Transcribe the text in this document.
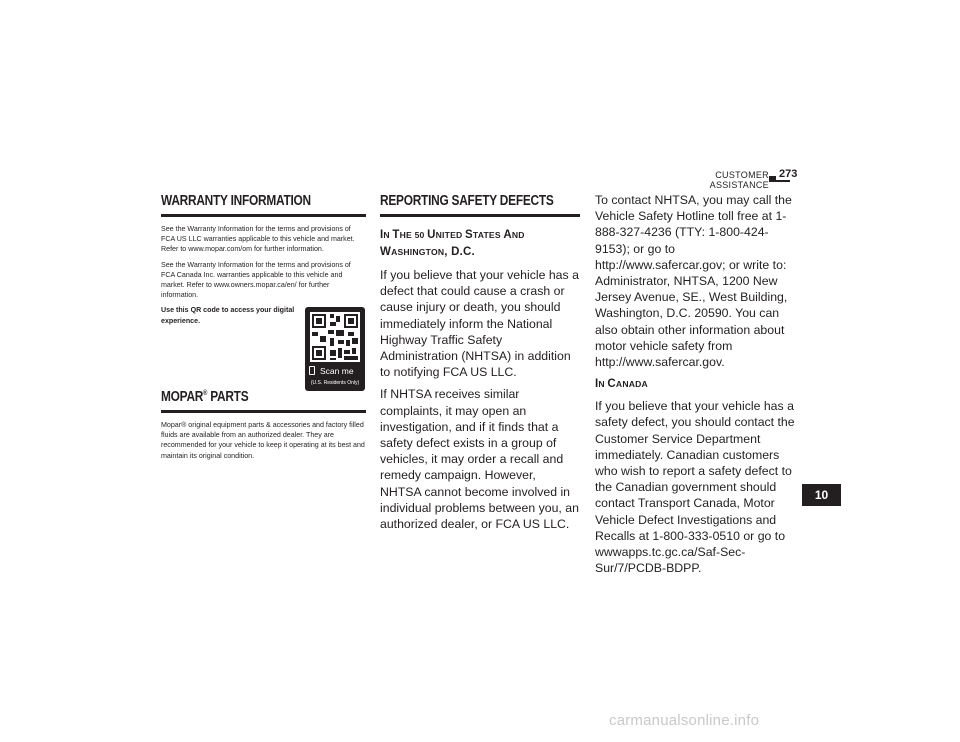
CUSTOMER ASSISTANCE
273
WARRANTY INFORMATION

See the Warranty Information for the terms and provisions of FCA US LLC warranties applicable to this vehicle and market. Refer to www.mopar.com/om for further information.

See the Warranty Information for the terms and provisions of FCA Canada Inc. warranties applicable to this vehicle and market. Refer to www.owners.mopar.ca/en/ for further information.

Use this QR code to access your digital experience.

Scan me
(U.S. Residents Only)
MOPAR® PARTS

Mopar® original equipment parts & accessories and factory filled fluids are available from an authorized dealer. They are recommended for your vehicle to keep it operating at its best and maintain its original condition.

REPORTING SAFETY DEFECTS
IN THE 50 UNITED STATES AND
WASHINGTON, D.C.

If you believe that your vehicle has a defect that could cause a crash or cause injury or death, you should immediately inform the National Highway Traffic Safety Administration (NHTSA) in addition to notifying FCA US LLC.

If NHTSA receives similar complaints, it may open an investigation, and if it finds that a safety defect exists in a group of vehicles, it may order a recall and remedy campaign. However, NHTSA cannot become involved in individual problems between you, an authorized dealer, or FCA US LLC.

To contact NHTSA, you may call the Vehicle Safety Hotline toll free at 1-888-327-4236 (TTY: 1-800-424-9153); or go to http://www.safercar.gov; or write to: Administrator, NHTSA, 1200 New Jersey Avenue, SE., West Building, Washington, D.C. 20590. You can also obtain other information about motor vehicle safety from http://www.safercar.gov.

IN CANADA

If you believe that your vehicle has a safety defect, you should contact the Customer Service Department immediately. Canadian customers who wish to report a safety defect to the Canadian government should contact Transport Canada, Motor Vehicle Defect Investigations and Recalls at 1-800-333-0510 or go to wwwapps.tc.gc.ca/Saf-Sec-Sur/7/PCDB-BDPP.

10
carmanualsonline.info
